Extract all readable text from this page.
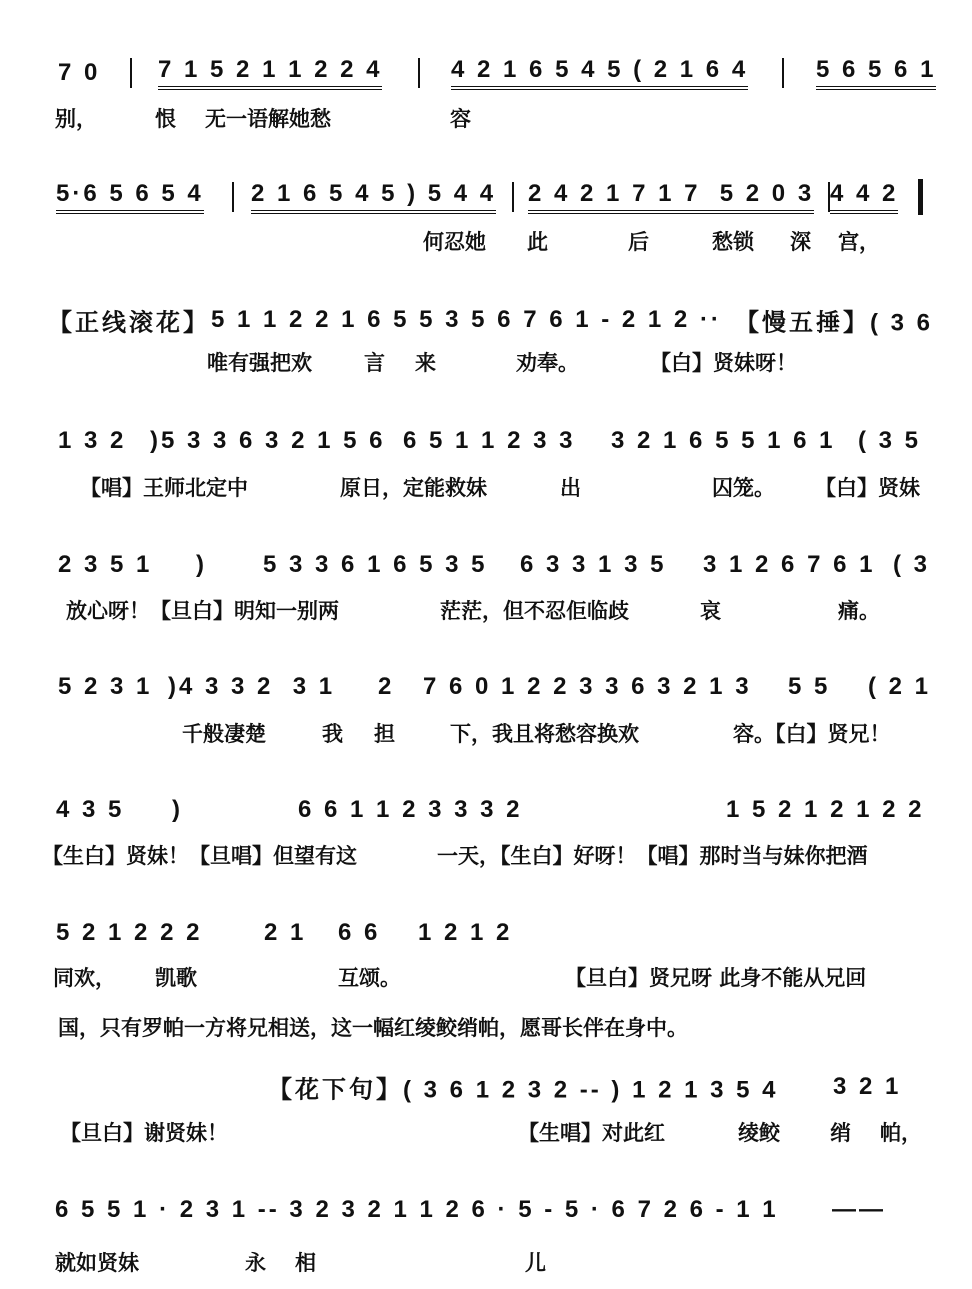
7 0 7 1 5 2 1 1 2 2 4	4 2 1 6 5 4 5 ( 2 1 6 4	5 6 5 6 1
别，	恨 无一语解她愁	容
5·6 5 6 5 4 2 1 6 5 4 5 ) 5 4 4 2 4 2 1 7 1 7  5 2 0 3 4 4 2
何忍她 此	后	愁锁 深 宫，
【正线滚花】 5 1 1 2 2 1 6 5 5 3 5 6 7 6 1 - 2 1 2 ·· 【慢五捶】( 3 6
唯有强把欢 言 来	劝奉。	【白】贤妹呀！
1 3 2 )5 3 3 6 3 2 1 5 6 6 5 1 1 2 3 3 3 2 1 6 5 5 1 6 1 ( 3 5
【唱】王师北定中	原日，定能救妹	出	囚笼。 【白】贤妹
2 3 5 1 ) 5 3 3 6 1 6 5 3 5 6 3 3 1 3 5 3 1 2 6 7 6 1 ( 3
放心呀！【旦白】明知一别两	茫茫，但不忍佢临歧	哀	痛。
5 2 3 1 )4 3 3 2  3 1 2 7 6 0 1 2 2 3 3 6 3 2 1 3 5 5 ( 2 1
千般凄楚	我 担	下，我且将愁容换欢	容。【白】贤兄！
4 3 5 )	6 6 1 1 2 3 3 3 2	1 5 2 1 2 1 2 2
【生白】贤妹！【旦唱】但望有这	一天，【生白】好呀！【唱】那时当与妹你把酒
5 2 1 2 2 2	2 1 6 6 1 2 1 2
同欢， 凯歌	互颂。	【旦白】贤兄呀 此身不能从兄回
国，只有罗帕一方将兄相送，这一幅红绫鲛绡帕，愿哥长伴在身中。
【花下句】( 3 6 1 2 3 2 -- ) 1 2 1 3 5 4 3 2 1
【旦白】谢贤妹！	【生唱】对此红	绫鲛 绡 帕，
6 5 5 1 · 2 3 1 -- 3 2 3 2 1 1 2 6 · 5 - 5 · 6 7 2 6 - 1 1 ——
就如贤妹	永 相	儿
